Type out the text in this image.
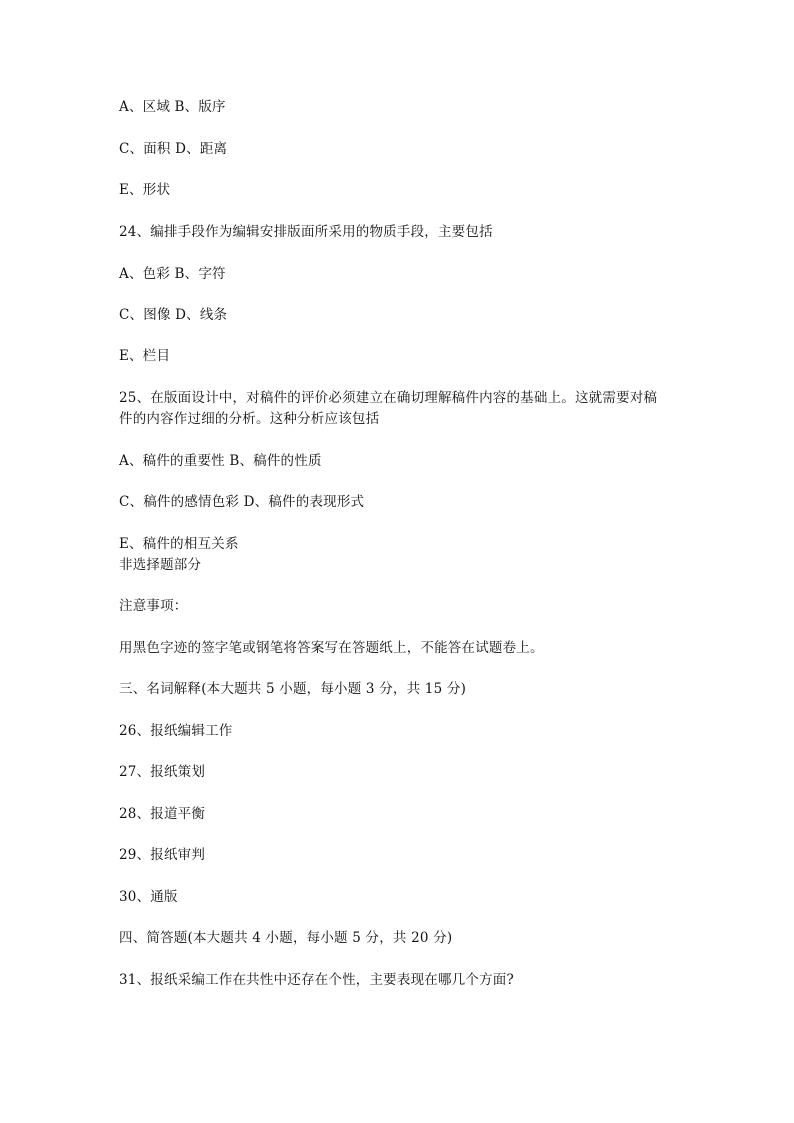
A、区域 B、版序
C、面积 D、距离
E、形状
24、编排手段作为编辑安排版面所采用的物质手段，主要包括
A、色彩 B、字符
C、图像 D、线条
E、栏目
25、在版面设计中，对稿件的评价必须建立在确切理解稿件内容的基础上。这就需要对稿
件的内容作过细的分析。这种分析应该包括
A、稿件的重要性 B、稿件的性质
C、稿件的感情色彩 D、稿件的表现形式
E、稿件的相互关系
非选择题部分
注意事项：
用黑色字迹的签字笔或钢笔将答案写在答题纸上，不能答在试题卷上。
三、名词解释(本大题共 5 小题，每小题 3 分，共 15 分)
26、报纸编辑工作
27、报纸策划
28、报道平衡
29、报纸审判
30、通版
四、简答题(本大题共 4 小题，每小题 5 分，共 20 分)
31、报纸采编工作在共性中还存在个性，主要表现在哪几个方面?
